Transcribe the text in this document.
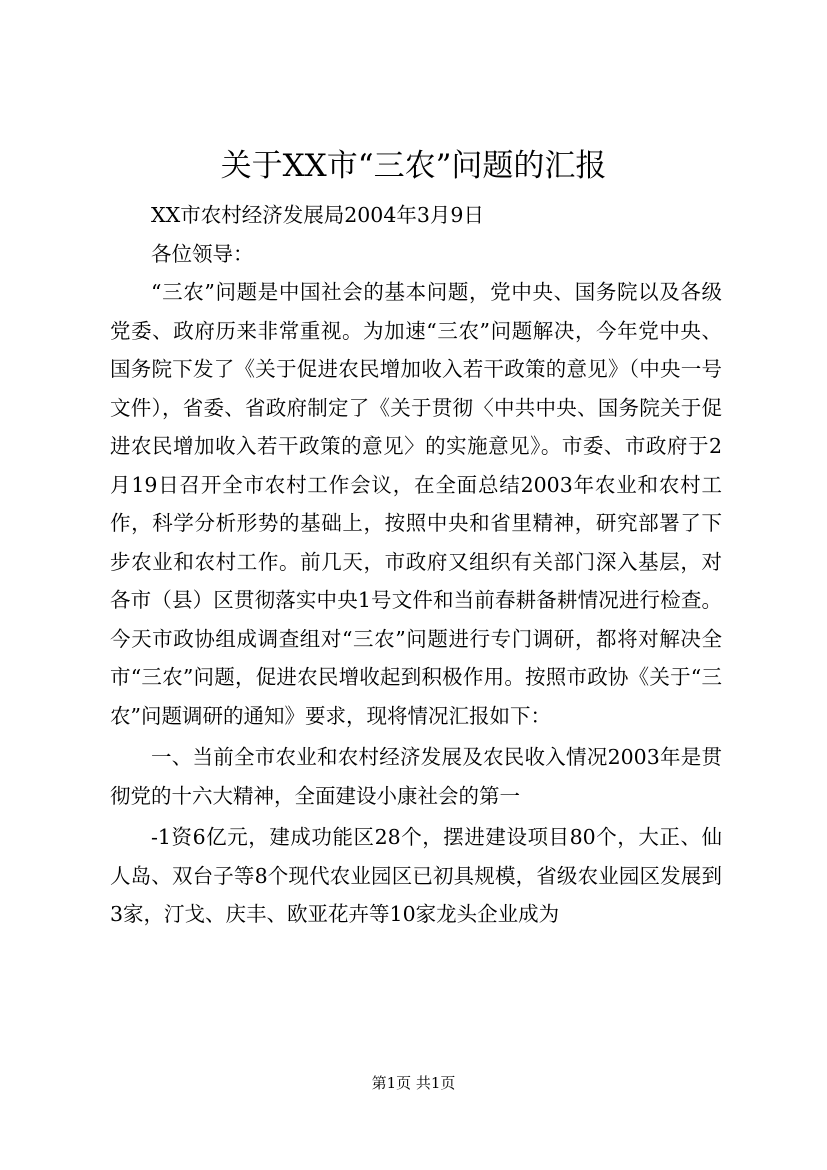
关于XX市“三农”问题的汇报

XX市农村经济发展局2004年3月9日

各位领导：

“三农”问题是中国社会的基本问题，党中央、国务院以及各级党委、政府历来非常重视。为加速“三农”问题解决，今年党中央、国务院下发了《关于促进农民增加收入若干政策的意见》（中央一号文件），省委、省政府制定了《关于贯彻〈中共中央、国务院关于促进农民增加收入若干政策的意见〉的实施意见》。市委、市政府于2月19日召开全市农村工作会议，在全面总结2003年农业和农村工作，科学分析形势的基础上，按照中央和省里精神，研究部署了下步农业和农村工作。前几天，市政府又组织有关部门深入基层，对各市（县）区贯彻落实中央1号文件和当前春耕备耕情况进行检查。今天市政协组成调查组对“三农”问题进行专门调研，都将对解决全市“三农”问题，促进农民增收起到积极作用。按照市政协《关于“三农”问题调研的通知》要求，现将情况汇报如下：

一、当前全市农业和农村经济发展及农民收入情况2003年是贯彻党的十六大精神，全面建设小康社会的第一

-1资6亿元，建成功能区28个，摆进建设项目80个，大正、仙人岛、双台子等8个现代农业园区已初具规模，省级农业园区发展到3家，汀戈、庆丰、欧亚花卉等10家龙头企业成为

第1页 共1页
